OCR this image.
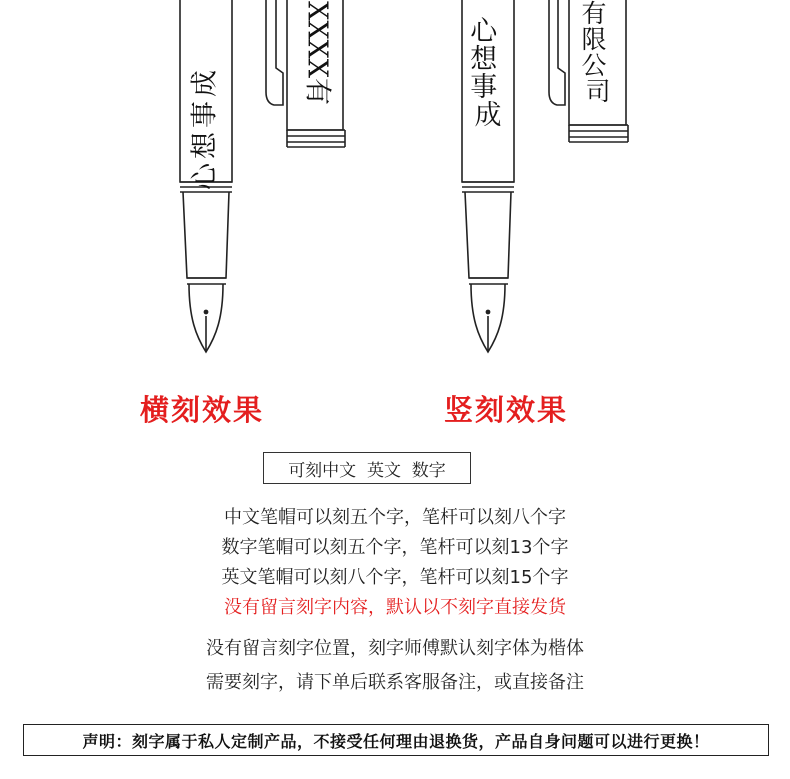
心想事成
XXXX有	心 想 事 成
有 限 公 司
横刻效果	竖刻效果
可刻中文  英文  数字
中文笔帽可以刻五个字，笔杆可以刻八个字
数字笔帽可以刻五个字，笔杆可以刻13个字
英文笔帽可以刻八个字，笔杆可以刻15个字
没有留言刻字内容，默认以不刻字直接发货
没有留言刻字位置，刻字师傅默认刻字体为楷体
需要刻字，请下单后联系客服备注，或直接备注
声明：刻字属于私人定制产品，不接受任何理由退换货，产品自身问题可以进行更换！
